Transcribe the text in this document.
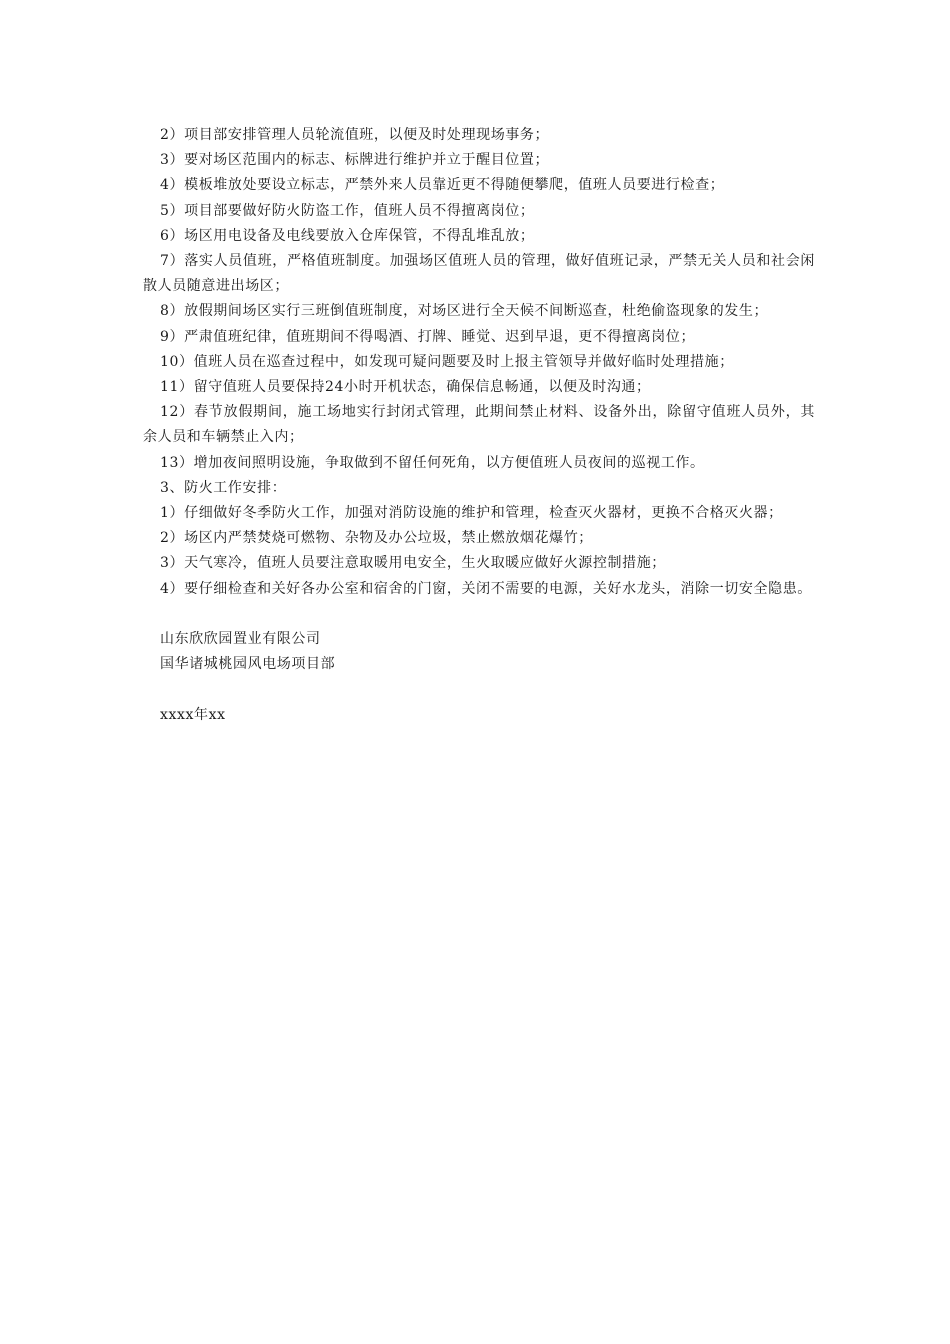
2）项目部安排管理人员轮流值班，以便及时处理现场事务；

3）要对场区范围内的标志、标牌进行维护并立于醒目位置；

4）模板堆放处要设立标志，严禁外来人员靠近更不得随便攀爬，值班人员要进行检查；

5）项目部要做好防火防盗工作，值班人员不得擅离岗位；

6）场区用电设备及电线要放入仓库保管，不得乱堆乱放；

7）落实人员值班，严格值班制度。加强场区值班人员的管理，做好值班记录，严禁无关人员和社会闲散人员随意进出场区；

8）放假期间场区实行三班倒值班制度，对场区进行全天候不间断巡查，杜绝偷盗现象的发生；

9）严肃值班纪律，值班期间不得喝酒、打牌、睡觉、迟到早退，更不得擅离岗位；

10）值班人员在巡查过程中，如发现可疑问题要及时上报主管领导并做好临时处理措施；

11）留守值班人员要保持24小时开机状态，确保信息畅通，以便及时沟通；

12）春节放假期间，施工场地实行封闭式管理，此期间禁止材料、设备外出，除留守值班人员外，其余人员和车辆禁止入内；

13）增加夜间照明设施，争取做到不留任何死角，以方便值班人员夜间的巡视工作。

3、防火工作安排：

1）仔细做好冬季防火工作，加强对消防设施的维护和管理，检查灭火器材，更换不合格灭火器；

2）场区内严禁焚烧可燃物、杂物及办公垃圾，禁止燃放烟花爆竹；

3）天气寒冷，值班人员要注意取暖用电安全，生火取暖应做好火源控制措施；

4）要仔细检查和关好各办公室和宿舍的门窗，关闭不需要的电源，关好水龙头，消除一切安全隐患。

山东欣欣园置业有限公司

国华诸城桃园风电场项目部

xxxx年xx
